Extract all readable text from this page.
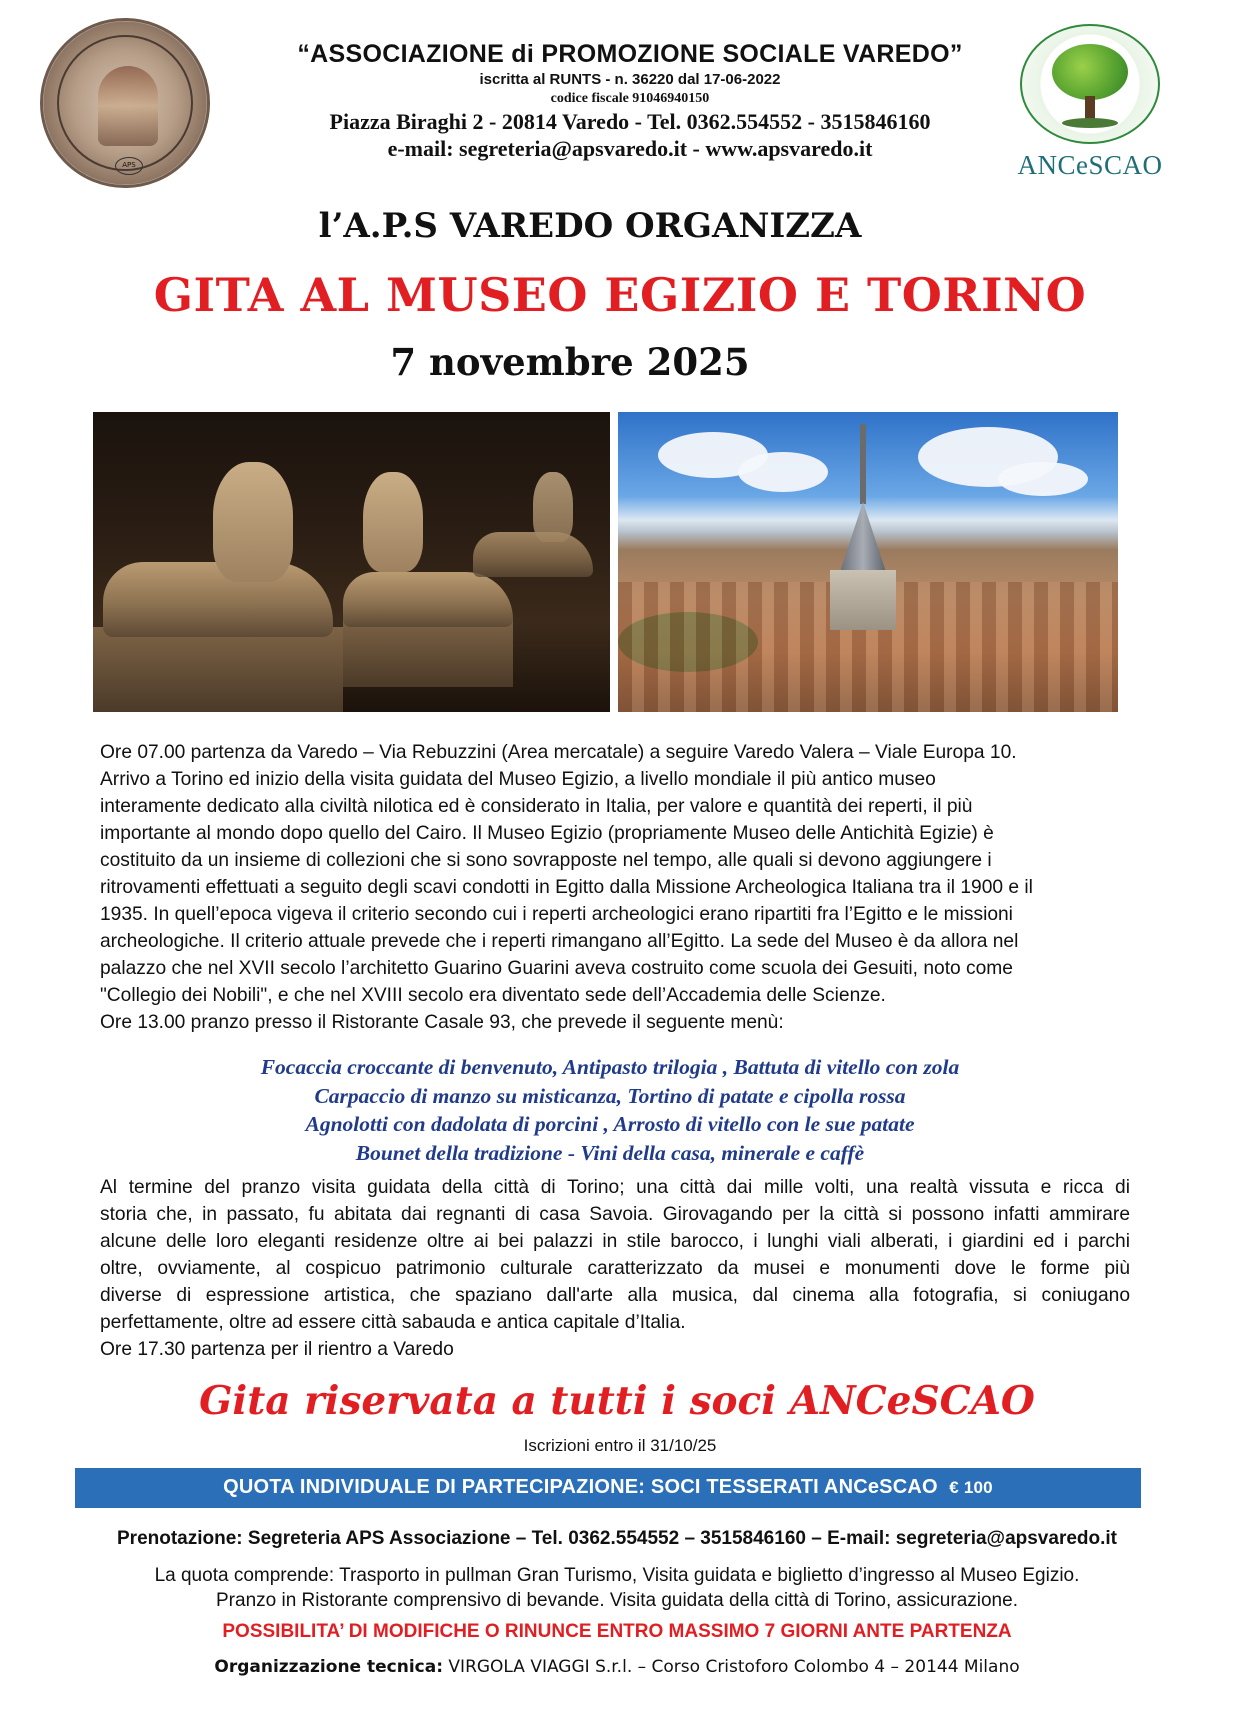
APS
“ASSOCIAZIONE di PROMOZIONE SOCIALE VAREDO”
iscritta al RUNTS - n. 36220 dal 17-06-2022
codice fiscale 91046940150
Piazza Biraghi 2 - 20814 Varedo - Tel. 0362.554552 - 3515846160
e-mail: segreteria@apsvaredo.it - www.apsvaredo.it
ANCeSCAO
l’A.P.S VAREDO ORGANIZZA
GITA AL MUSEO EGIZIO E TORINO
7 novembre 2025
Ore 07.00 partenza da Varedo – Via Rebuzzini (Area mercatale) a seguire Varedo Valera – Viale Europa 10.
Arrivo a Torino ed inizio della visita guidata del Museo Egizio, a livello mondiale il più antico museo
interamente dedicato alla civiltà nilotica ed è considerato in Italia, per valore e quantità dei reperti, il più
importante al mondo dopo quello del Cairo. Il Museo Egizio (propriamente Museo delle Antichità Egizie) è
costituito da un insieme di collezioni che si sono sovrapposte nel tempo, alle quali si devono aggiungere i
ritrovamenti effettuati a seguito degli scavi condotti in Egitto dalla Missione Archeologica Italiana tra il 1900 e il
1935. In quell’epoca vigeva il criterio secondo cui i reperti archeologici erano ripartiti fra l’Egitto e le missioni
archeologiche. Il criterio attuale prevede che i reperti rimangano all’Egitto. La sede del Museo è da allora nel
palazzo che nel XVII secolo l’architetto Guarino Guarini aveva costruito come scuola dei Gesuiti, noto come
"Collegio dei Nobili", e che nel XVIII secolo era diventato sede dell’Accademia delle Scienze.
Ore 13.00 pranzo presso il Ristorante Casale 93, che prevede il seguente menù:
Focaccia croccante di benvenuto, Antipasto trilogia , Battuta di vitello con zola
Carpaccio di manzo su misticanza, Tortino di patate e cipolla rossa
Agnolotti con dadolata di porcini , Arrosto di vitello con le sue patate
Bounet della tradizione - Vini della casa, minerale e caffè
Al termine del pranzo visita guidata della città di Torino; una città dai mille volti, una realtà vissuta e ricca di
storia che, in passato, fu abitata dai regnanti di casa Savoia. Girovagando per la città si possono infatti ammirare
alcune delle loro eleganti residenze oltre ai bei palazzi in stile barocco, i lunghi viali alberati, i giardini ed i parchi
oltre, ovviamente, al cospicuo patrimonio culturale caratterizzato da musei e monumenti dove le forme più
diverse di espressione artistica, che spaziano dall'arte alla musica, dal cinema alla fotografia, si coniugano
perfettamente, oltre ad essere città sabauda e antica capitale d’Italia.
Ore 17.30 partenza per il rientro a Varedo
Gita riservata a tutti i soci ANCeSCAO
Iscrizioni entro il 31/10/25
QUOTA INDIVIDUALE DI PARTECIPAZIONE: SOCI TESSERATI ANCeSCAO € 100
Prenotazione: Segreteria APS Associazione – Tel. 0362.554552 – 3515846160 – E-mail: segreteria@apsvaredo.it
La quota comprende: Trasporto in pullman Gran Turismo, Visita guidata e biglietto d’ingresso al Museo Egizio.
Pranzo in Ristorante comprensivo di bevande. Visita guidata della città di Torino, assicurazione.
POSSIBILITA’ DI MODIFICHE O RINUNCE ENTRO MASSIMO 7 GIORNI ANTE PARTENZA
Organizzazione tecnica: VIRGOLA VIAGGI S.r.l. – Corso Cristoforo Colombo 4 – 20144 Milano
